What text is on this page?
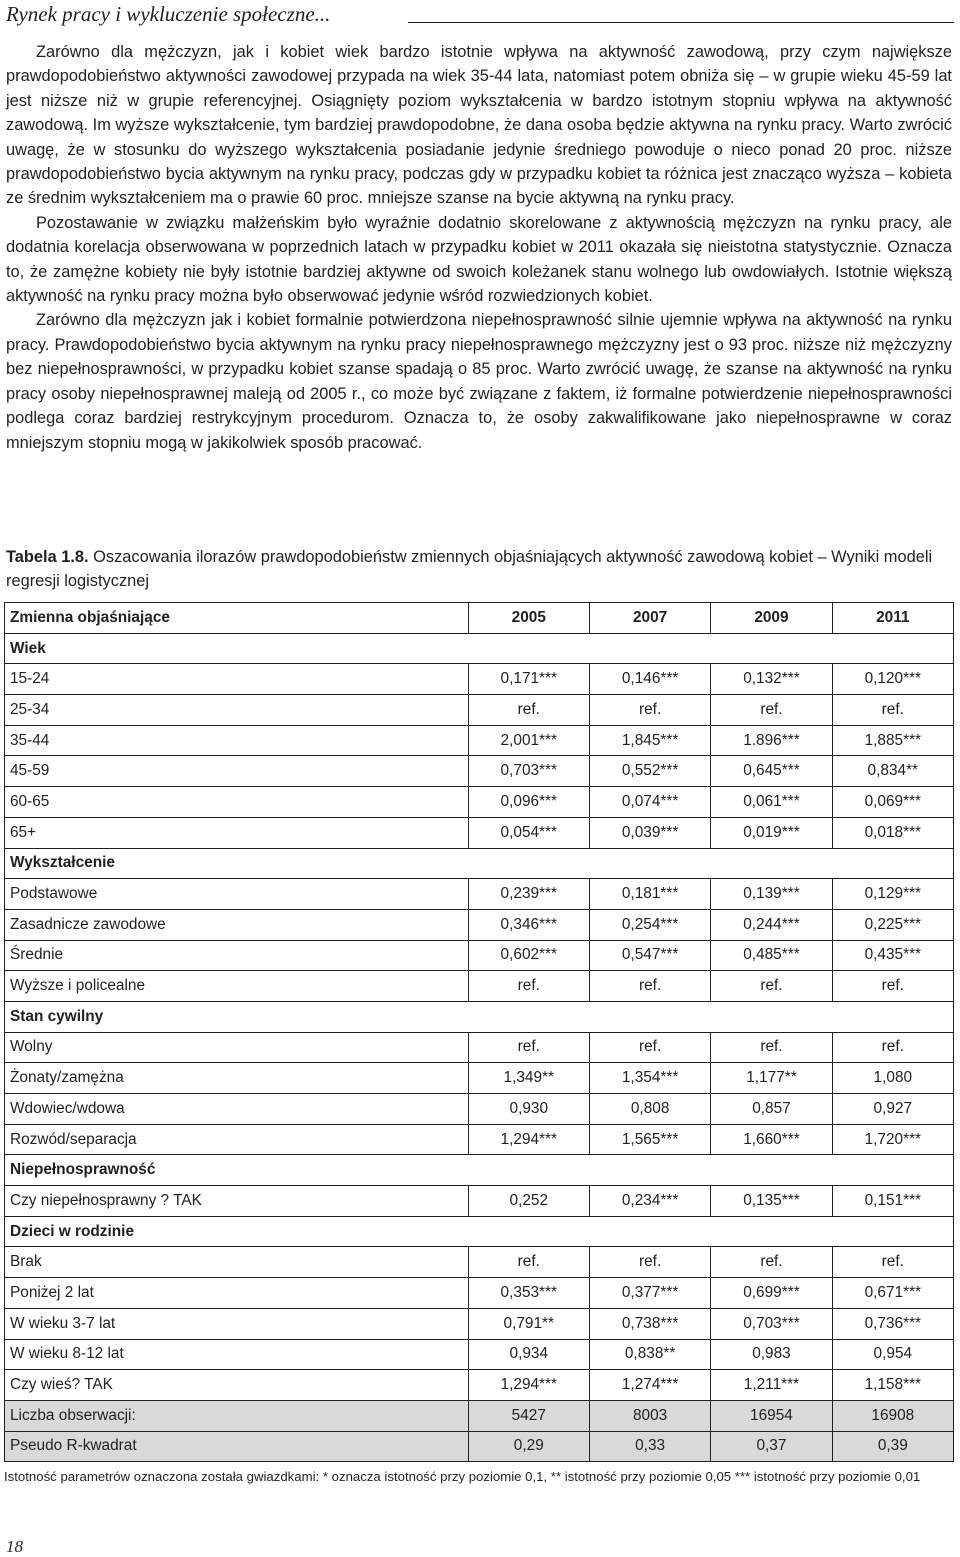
Rynek pracy i wykluczenie społeczne...

Zarówno dla mężczyzn, jak i kobiet wiek bardzo istotnie wpływa na aktywność zawodową, przy czym największe prawdopodobieństwo aktywności zawodowej przypada na wiek 35-44 lata, natomiast potem obniża się – w grupie wieku 45-59 lat jest niższe niż w grupie referencyjnej. Osiągnięty poziom wykształcenia w bardzo istotnym stopniu wpływa na aktywność zawodową. Im wyższe wykształcenie, tym bardziej prawdopodobne, że dana osoba będzie aktywna na rynku pracy. Warto zwrócić uwagę, że w stosunku do wyższego wykształcenia posiadanie jedynie średniego powoduje o nieco ponad 20 proc. niższe prawdopodobieństwo bycia aktywnym na rynku pracy, podczas gdy w przypadku kobiet ta różnica jest znacząco wyższa – kobieta ze średnim wykształceniem ma o prawie 60 proc. mniejsze szanse na bycie aktywną na rynku pracy.

Pozostawanie w związku małżeńskim było wyraźnie dodatnio skorelowane z aktywnością mężczyzn na rynku pracy, ale dodatnia korelacja obserwowana w poprzednich latach w przypadku kobiet w 2011 okazała się nieistotna statystycznie. Oznacza to, że zamężne kobiety nie były istotnie bardziej aktywne od swoich koleżanek stanu wolnego lub owdowiałych. Istotnie większą aktywność na rynku pracy można było obserwować jedynie wśród rozwiedzionych kobiet.

Zarówno dla mężczyzn jak i kobiet formalnie potwierdzona niepełnosprawność silnie ujemnie wpływa na aktywność na rynku pracy. Prawdopodobieństwo bycia aktywnym na rynku pracy niepełnosprawnego mężczyzny jest o 93 proc. niższe niż mężczyzny bez niepełnosprawności, w przypadku kobiet szanse spadają o 85 proc. Warto zwrócić uwagę, że szanse na aktywność na rynku pracy osoby niepełnosprawnej maleją od 2005 r., co może być związane z faktem, iż formalne potwierdzenie niepełnosprawności podlega coraz bardziej restrykcyjnym procedurom. Oznacza to, że osoby zakwalifikowane jako niepełnosprawne w coraz mniejszym stopniu mogą w jakikolwiek sposób pracować.

Tabela 1.8. Oszacowania ilorazów prawdopodobieństw zmiennych objaśniających aktywność zawodową kobiet – Wyniki modeli regresji logistycznej
Zmienna objaśniające	2005	2007	2009	2011
Wiek				
15-24	0,171***	0,146***	0,132***	0,120***
25-34	ref.	ref.	ref.	ref.
35-44	2,001***	1,845***	1.896***	1,885***
45-59	0,703***	0,552***	0,645***	0,834**
60-65	0,096***	0,074***	0,061***	0,069***
65+	0,054***	0,039***	0,019***	0,018***
Wykształcenie				
Podstawowe	0,239***	0,181***	0,139***	0,129***
Zasadnicze zawodowe	0,346***	0,254***	0,244***	0,225***
Średnie	0,602***	0,547***	0,485***	0,435***
Wyższe i policealne	ref.	ref.	ref.	ref.
Stan cywilny				
Wolny	ref.	ref.	ref.	ref.
Żonaty/zamężna	1,349**	1,354***	1,177**	1,080
Wdowiec/wdowa	0,930	0,808	0,857	0,927
Rozwód/separacja	1,294***	1,565***	1,660***	1,720***
Niepełnosprawność				
Czy niepełnosprawny ? TAK	0,252	0,234***	0,135***	0,151***
Dzieci w rodzinie				
Brak	ref.	ref.	ref.	ref.
Poniżej 2 lat	0,353***	0,377***	0,699***	0,671***
W wieku 3-7 lat	0,791**	0,738***	0,703***	0,736***
W wieku 8-12 lat	0,934	0,838**	0,983	0,954
Czy wieś? TAK	1,294***	1,274***	1,211***	1,158***
Liczba obserwacji:	5427	8003	16954	16908
Pseudo R-kwadrat	0,29	0,33	0,37	0,39
Istotność parametrów oznaczona została gwiazdkami: * oznacza istotność przy poziomie 0,1, ** istotność przy poziomie 0,05 *** istotność przy poziomie 0,01
18
